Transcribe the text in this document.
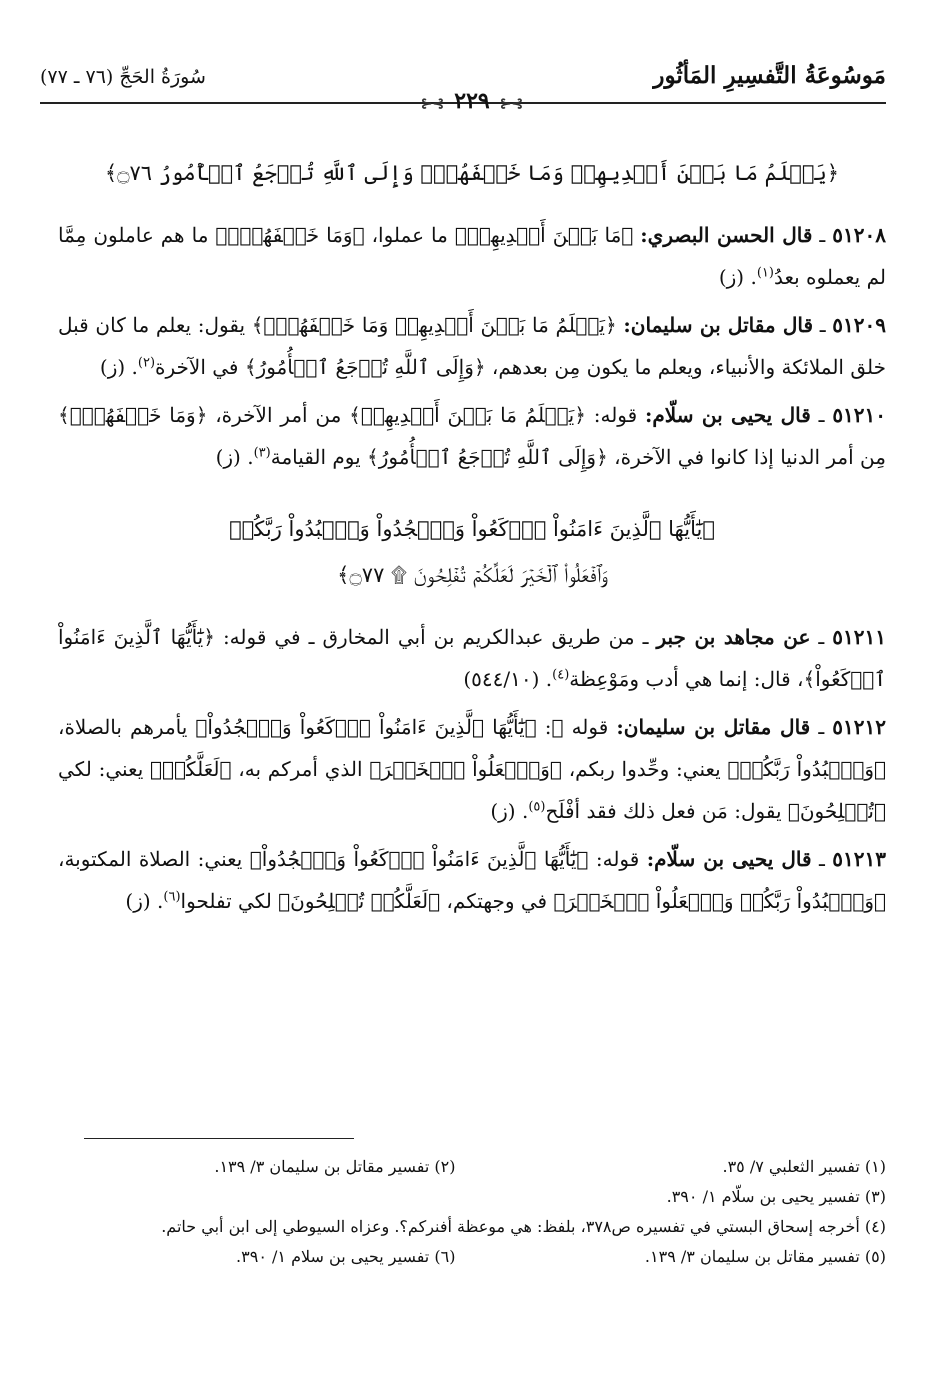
مَوسُوعَةُ التَّفسِيرِ المَأثُور
سُورَةُ الحَجِّ (٧٦ ـ ٧٧)
⊱⊰٢٢٩⊱⊰
﴿يَعۡلَمُ مَا بَيۡنَ أَيۡدِيهِمۡ وَمَا خَلۡفَهُمۡۗ وَإِلَى ٱللَّهِ تُرۡجَعُ ٱلۡأُمُورُ ۝٧٦﴾

٥١٢٠٨ ـ قال الحسن البصري: ﴿مَا بَيۡنَ أَيۡدِيهِمۡ﴾ ما عملوا، ﴿وَمَا خَلۡفَهُمۡۗ﴾ ما هم عاملون مِمَّا لم يعملوه بعدُ$^{(١)}$. (ز)

٥١٢٠٩ ـ قال مقاتل بن سليمان: ﴿يَعۡلَمُ مَا بَيۡنَ أَيۡدِيهِمۡ وَمَا خَلۡفَهُمۡۗ﴾ يقول: يعلم ما كان قبل خلق الملائكة والأنبياء، ويعلم ما يكون مِن بعدهم، ﴿وَإِلَى ٱللَّهِ تُرۡجَعُ ٱلۡأُمُورُ﴾ في الآخرة$^{(٢)}$. (ز)

٥١٢١٠ ـ قال يحيى بن سلّام: قوله: ﴿يَعۡلَمُ مَا بَيۡنَ أَيۡدِيهِمۡ﴾ من أمر الآخرة، ﴿وَمَا خَلۡفَهُمۡۗ﴾ مِن أمر الدنيا إذا كانوا في الآخرة، ﴿وَإِلَى ٱللَّهِ تُرۡجَعُ ٱلۡأُمُورُ﴾ يوم القيامة$^{(٣)}$. (ز)

﴿يَٰٓأَيُّهَا ٱلَّذِينَ ءَامَنُواْ ٱرۡكَعُواْ وَٱسۡجُدُواْ وَٱعۡبُدُواْ رَبَّكُمۡ
وَٱفۡعَلُواْ ٱلۡخَيۡرَ لَعَلَّكُمۡ تُفۡلِحُونَ ۩ ۝٧٧﴾

٥١٢١١ ـ عن مجاهد بن جبر ـ من طريق عبدالكريم بن أبي المخارق ـ في قوله: ﴿يَٰٓأَيُّهَا ٱلَّذِينَ ءَامَنُواْ ٱرۡكَعُواْ﴾، قال: إنما هي أدب ومَوْعِظة$^{(٤)}$. (٥٤٤/١٠)

٥١٢١٢ ـ قال مقاتل بن سليمان: قوله ﷿: ﴿يَٰٓأَيُّهَا ٱلَّذِينَ ءَامَنُواْ ٱرۡكَعُواْ وَٱسۡجُدُواْ﴾ يأمرهم بالصلاة، ﴿وَٱعۡبُدُواْ رَبَّكُمۡ﴾ يعني: وحِّدوا ربكم، ﴿وَٱفۡعَلُواْ ٱلۡخَيۡرَ﴾ الذي أمركم به، ﴿لَعَلَّكُمۡ﴾ يعني: لكي ﴿تُفۡلِحُونَ﴾ يقول: مَن فعل ذلك فقد أفْلَح$^{(٥)}$. (ز)

٥١٢١٣ ـ قال يحيى بن سلّام: قوله: ﴿يَٰٓأَيُّهَا ٱلَّذِينَ ءَامَنُواْ ٱرۡكَعُواْ وَٱسۡجُدُواْ﴾ يعني: الصلاة المكتوبة، ﴿وَٱعۡبُدُواْ رَبَّكُمۡ وَٱفۡعَلُواْ ٱلۡخَيۡرَ﴾ في وجهتكم، ﴿لَعَلَّكُمۡ تُفۡلِحُونَ﴾ لكي تفلحوا$^{(٦)}$. (ز)

(١) تفسير الثعلبي ٧/ ٣٥.
(٢) تفسير مقاتل بن سليمان ٣/ ١٣٩.
(٣) تفسير يحيى بن سلّام ١/ ٣٩٠.
(٤) أخرجه إسحاق البستي في تفسيره ص٣٧٨، بلفظ: هي موعظة أفنركم؟. وعزاه السيوطي إلى ابن أبي حاتم.
(٥) تفسير مقاتل بن سليمان ٣/ ١٣٩.
(٦) تفسير يحيى بن سلام ١/ ٣٩٠.
